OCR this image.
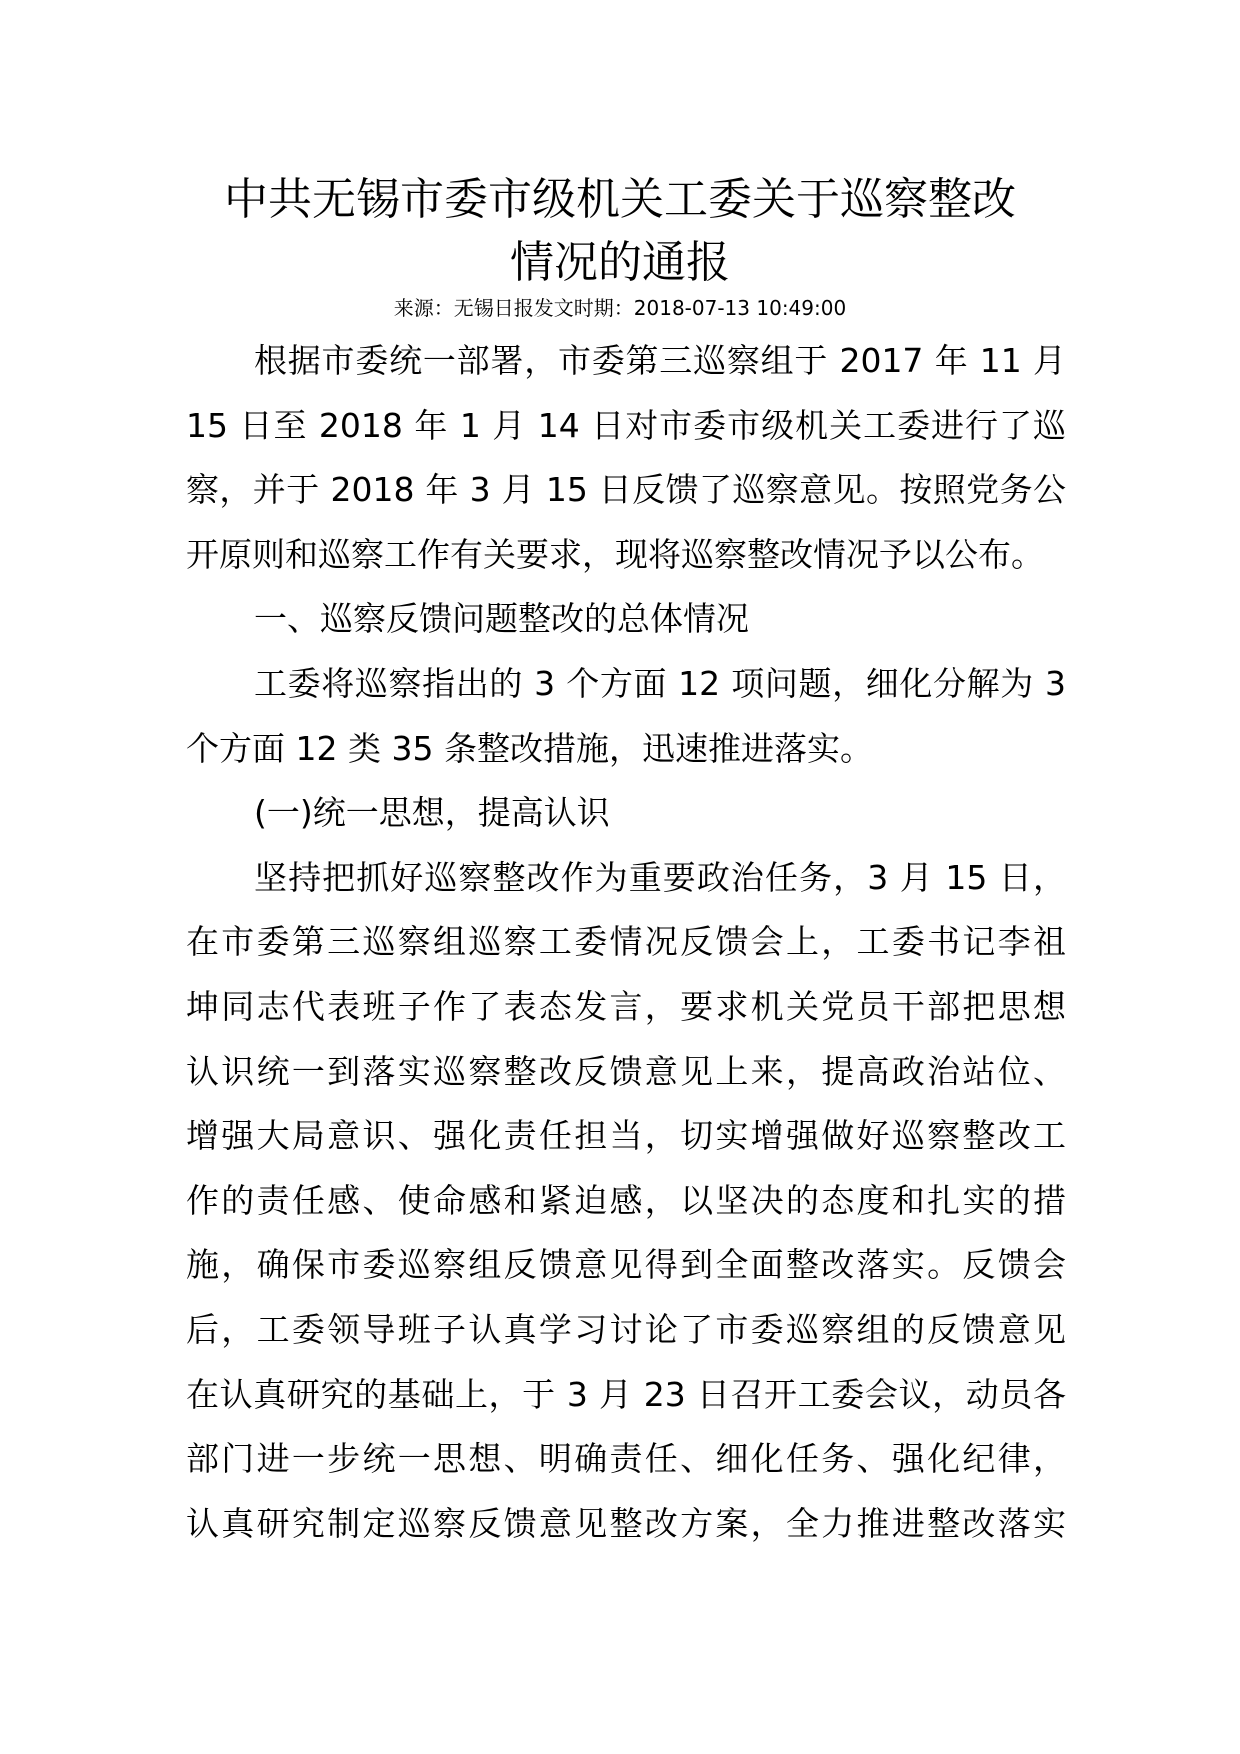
中共无锡市委市级机关工委关于巡察整改
情况的通报
来源：无锡日报发文时期：2018-07-13 10:49:00
根据市委统一部署，市委第三巡察组于 2017 年 11 月
15 日至 2018 年 1 月 14 日对市委市级机关工委进行了巡
察，并于 2018 年 3 月 15 日反馈了巡察意见。按照党务公
开原则和巡察工作有关要求，现将巡察整改情况予以公布。
一、巡察反馈问题整改的总体情况
工委将巡察指出的 3 个方面 12 项问题，细化分解为 3
个方面 12 类 35 条整改措施，迅速推进落实。
(一)统一思想，提高认识
坚持把抓好巡察整改作为重要政治任务，3 月 15 日，
在市委第三巡察组巡察工委情况反馈会上，工委书记李祖
坤同志代表班子作了表态发言，要求机关党员干部把思想
认识统一到落实巡察整改反馈意见上来，提高政治站位、
增强大局意识、强化责任担当，切实增强做好巡察整改工
作的责任感、使命感和紧迫感，以坚决的态度和扎实的措
施，确保市委巡察组反馈意见得到全面整改落实。反馈会
后，工委领导班子认真学习讨论了市委巡察组的反馈意见
在认真研究的基础上，于 3 月 23 日召开工委会议，动员各
部门进一步统一思想、明确责任、细化任务、强化纪律，
认真研究制定巡察反馈意见整改方案，全力推进整改落实
